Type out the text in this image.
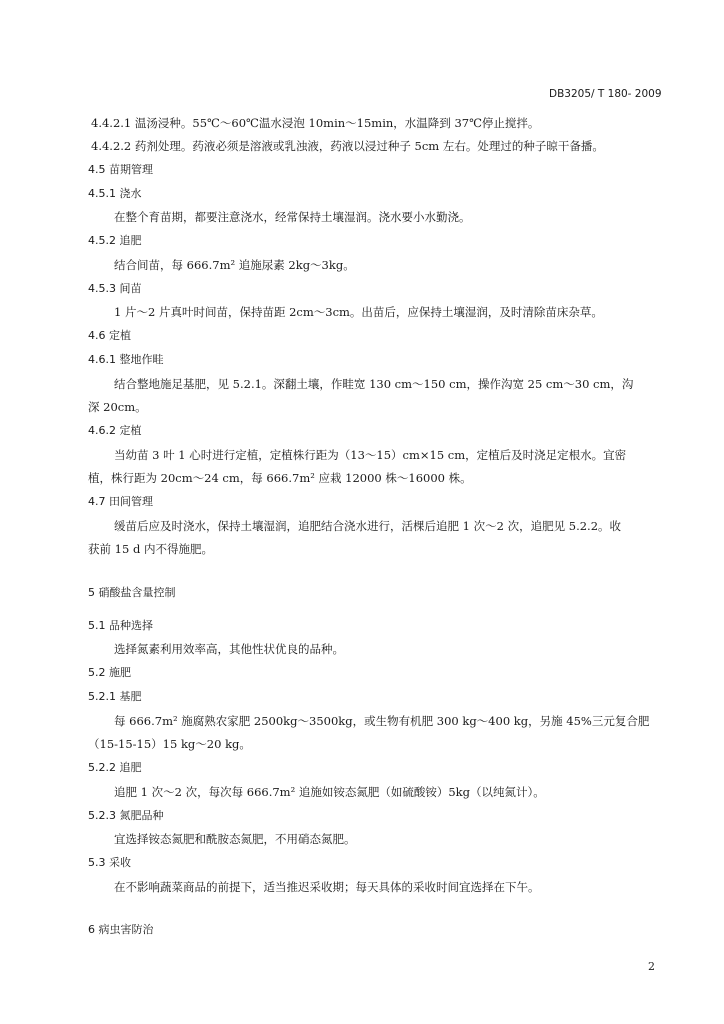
DB3205/ T 180- 2009
4.4.2.1 温汤浸种。55℃～60℃温水浸泡 10min～15min，水温降到 37℃停止搅拌。
4.4.2.2 药剂处理。药液必须是溶液或乳浊液，药液以浸过种子 5cm 左右。处理过的种子晾干备播。
4.5 苗期管理
4.5.1 浇水
在整个育苗期，都要注意浇水，经常保持土壤湿润。浇水要小水勤浇。
4.5.2 追肥
结合间苗，每 666.7m² 追施尿素 2kg～3kg。
4.5.3 间苗
1 片～2 片真叶时间苗，保持苗距 2cm～3cm。出苗后，应保持土壤湿润，及时清除苗床杂草。
4.6 定植
4.6.1 整地作畦
结合整地施足基肥，见 5.2.1。深翻土壤，作畦宽 130 cm～150 cm，操作沟宽 25 cm～30 cm，沟
深 20cm。
4.6.2 定植
当幼苗 3 叶 1 心时进行定植，定植株行距为（13～15）cm×15 cm，定植后及时浇足定根水。宜密
植，株行距为 20cm～24 cm，每 666.7m² 应栽 12000 株～16000 株。
4.7 田间管理
缓苗后应及时浇水，保持土壤湿润，追肥结合浇水进行，活棵后追肥 1 次～2 次，追肥见 5.2.2。收
获前 15 d 内不得施肥。
5 硝酸盐含量控制
5.1 品种选择
选择氮素利用效率高，其他性状优良的品种。
5.2 施肥
5.2.1 基肥
每 666.7m² 施腐熟农家肥 2500kg～3500kg，或生物有机肥 300 kg～400 kg，另施 45%三元复合肥
（15-15-15）15 kg～20 kg。
5.2.2 追肥
追肥 1 次～2 次，每次每 666.7m² 追施如铵态氮肥（如硫酸铵）5kg（以纯氮计）。
5.2.3 氮肥品种
宜选择铵态氮肥和酰胺态氮肥，不用硝态氮肥。
5.3 采收
在不影响蔬菜商品的前提下，适当推迟采收期；每天具体的采收时间宜选择在下午。
6 病虫害防治
2
